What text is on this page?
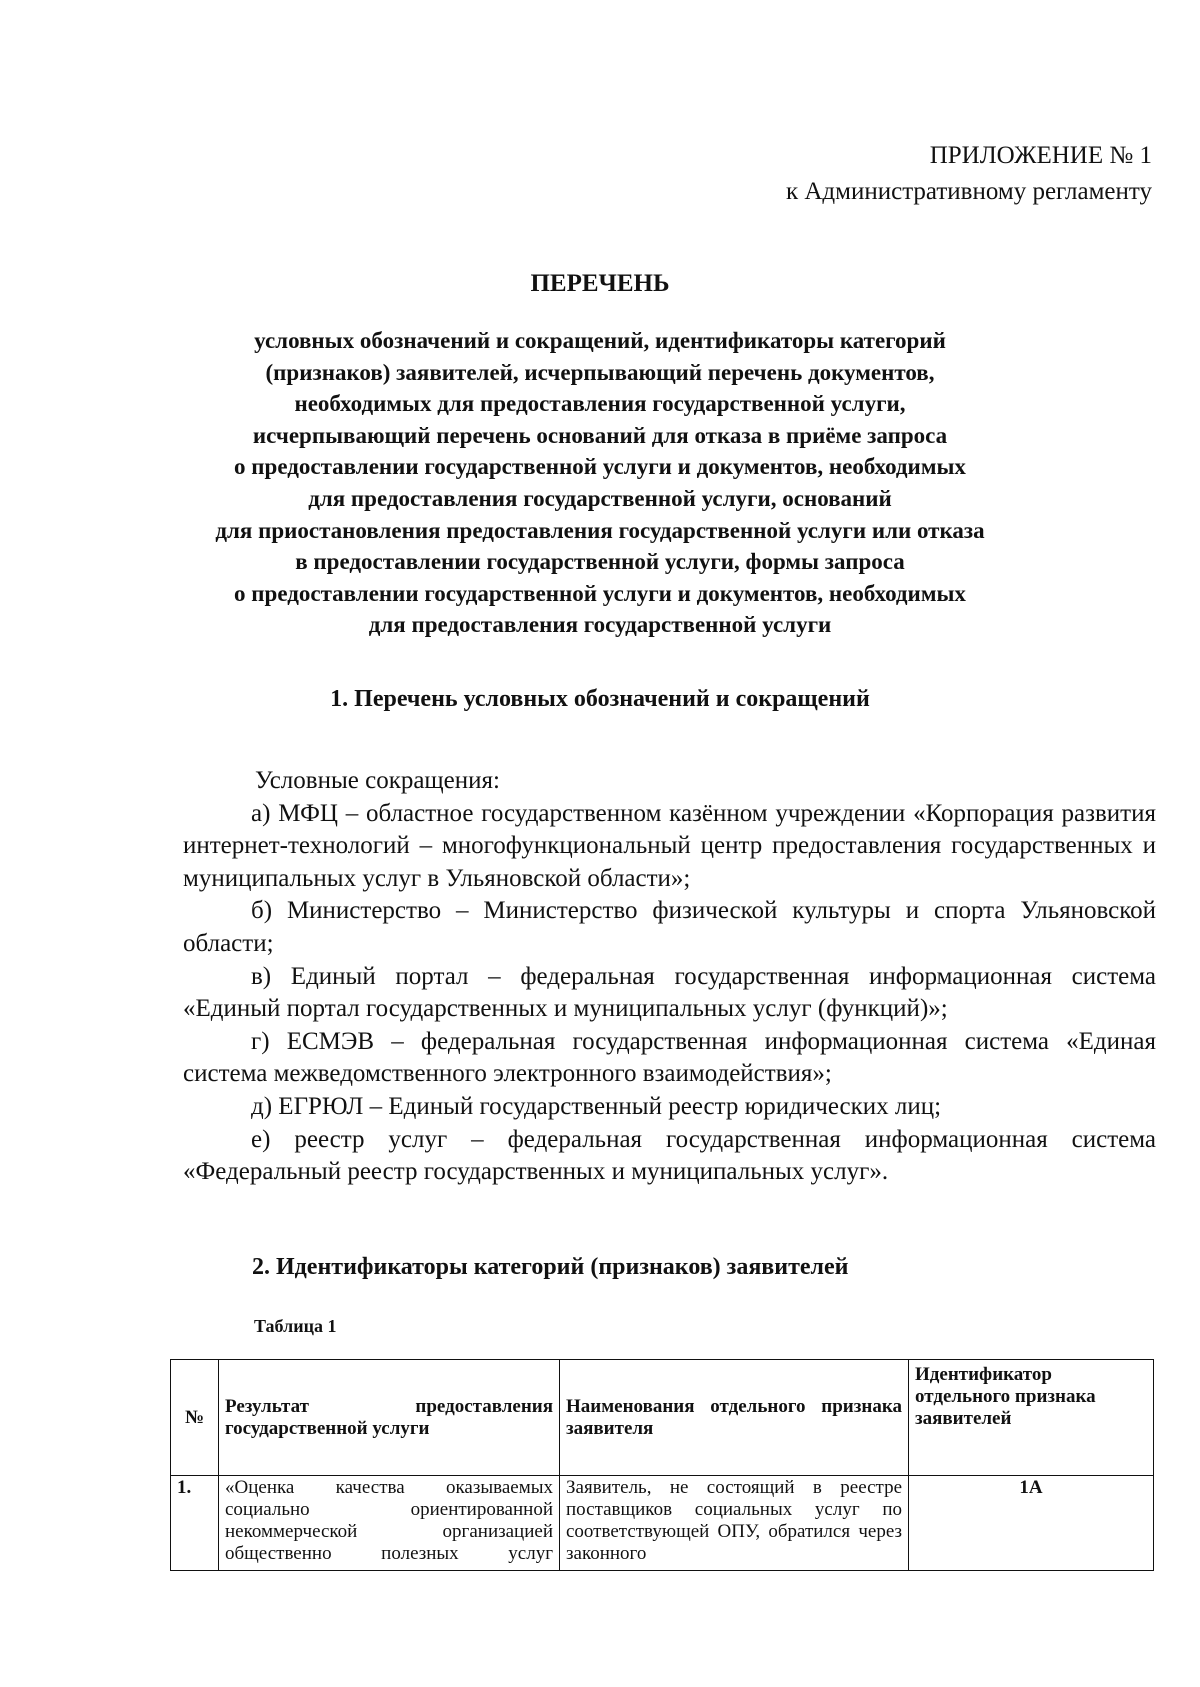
ПРИЛОЖЕНИЕ № 1
к Административному регламенту
ПЕРЕЧЕНЬ
условных обозначений и сокращений, идентификаторы категорий
(признаков) заявителей, исчерпывающий перечень документов,
необходимых для предоставления государственной услуги,
исчерпывающий перечень оснований для отказа в приёме запроса
о предоставлении государственной услуги и документов, необходимых
для предоставления государственной услуги, оснований
для приостановления предоставления государственной услуги или отказа
в предоставлении государственной услуги, формы запроса
о предоставлении государственной услуги и документов, необходимых
для предоставления государственной услуги
1. Перечень условных обозначений и сокращений

Условные сокращения:

а) МФЦ – областное государственном казённом учреждении «Корпорация развития интернет-технологий – многофункциональный центр предоставления государственных и муниципальных услуг в Ульяновской области»;

б) Министерство – Министерство физической культуры и спорта Ульяновской области;

в) Единый портал – федеральная государственная информационная система «Единый портал государственных и муниципальных услуг (функций)»;

г) ЕСМЭВ – федеральная государственная информационная система «Единая система межведомственного электронного взаимодействия»;

д) ЕГРЮЛ – Единый государственный реестр юридических лиц;

е) реестр услуг – федеральная государственная информационная система «Федеральный реестр государственных и муниципальных услуг».

2. Идентификаторы категорий (признаков) заявителей
Таблица 1
№	Результат предоставления государственной услуги	Наименования отдельного признака заявителя	Идентификатор отдельного признака заявителей
1.	«Оценка качества оказываемых социально ориентированной некоммерческой организацией общественно полезных услуг	Заявитель, не состоящий в реестре поставщиков социальных услуг по соответствующей ОПУ, обратился через законного	1А
